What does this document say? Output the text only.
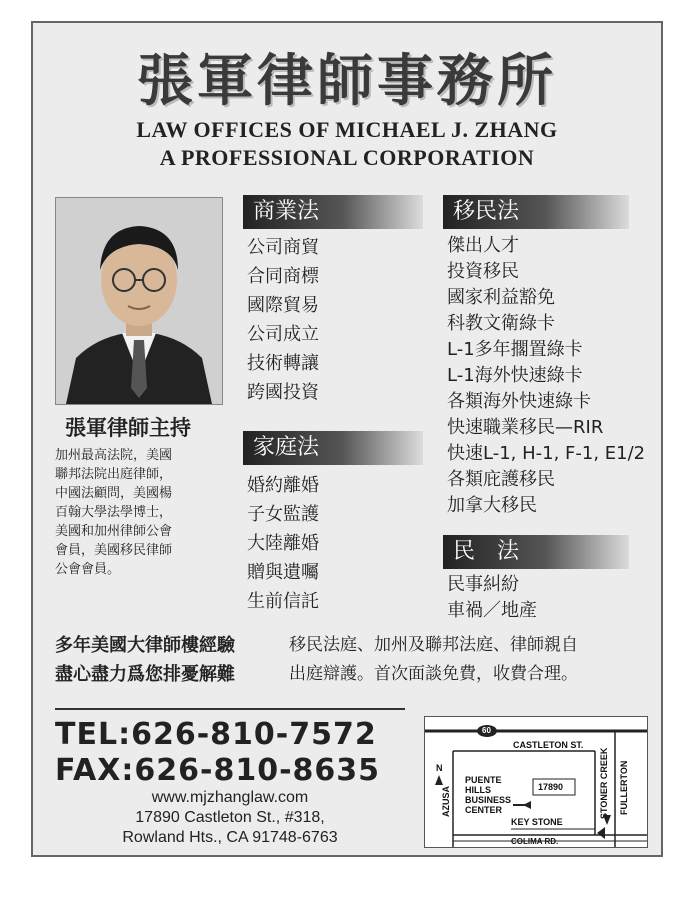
張軍律師事務所
LAW OFFICES OF MICHAEL J. ZHANG
A PROFESSIONAL CORPORATION
張軍律師主持
加州最高法院，美國
聯邦法院出庭律師，
中國法顧問，美國楊
百翰大學法學博士，
美國和加州律師公會
會員，美國移民律師
公會會員。
商業法
公司商貿
合同商標
國際貿易
公司成立
技術轉讓
跨國投資
家庭法
婚約離婚
子女監護
大陸離婚
贈與遺囑
生前信託
移民法
傑出人才
投資移民
國家利益豁免
科教文衛綠卡
L-1多年擱置綠卡
L-1海外快速綠卡
各類海外快速綠卡
快速職業移民—RIR
快速L-1, H-1, F-1, E1/2
各類庇護移民
加拿大移民
民　法
民事糾紛
車禍／地產
多年美國大律師樓經驗
盡心盡力爲您排憂解難
移民法庭、加州及聯邦法庭、律師親自
出庭辯護。首次面談免費，收費合理。
TEL:626-810-7572
FAX:626-810-8635
www.mjzhanglaw.com
17890 Castleton St., #318,
Rowland Hts., CA 91748-6763
60
N
CASTLETON ST.
PUENTE
HILLS
BUSINESS
CENTER
17890
AZUSA
KEY STONE
STONER CREEK FULLERTON
COLIMA RD.
